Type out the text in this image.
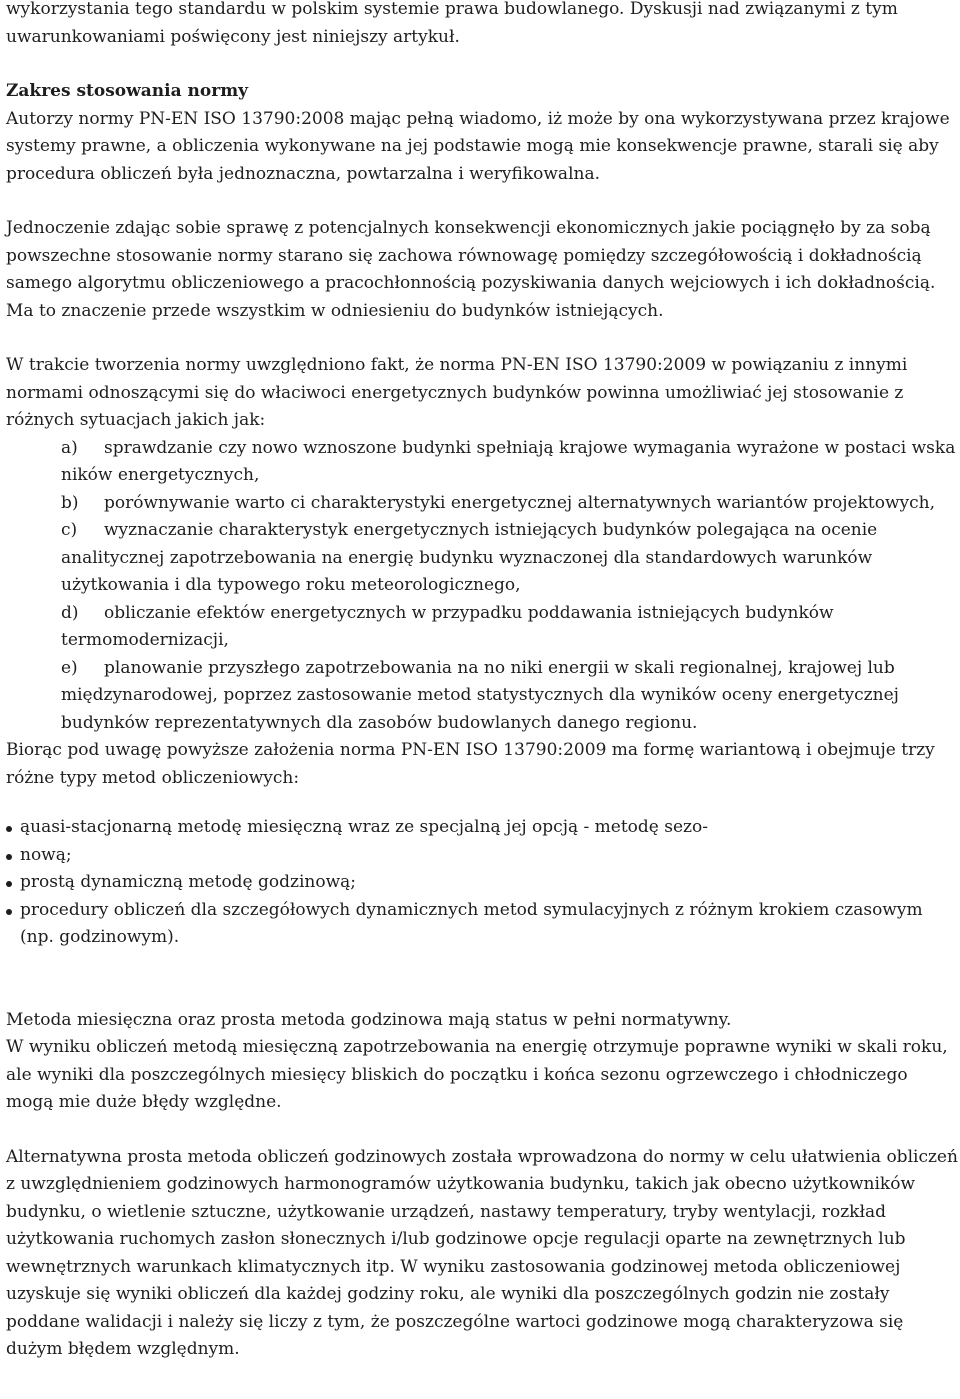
wykorzystania tego standardu w polskim systemie prawa budowlanego. Dyskusji nad związanymi z tym uwarunkowaniami poświęcony jest niniejszy artykuł.

Zakres stosowania normy

Autorzy normy PN-EN ISO 13790:2008 mając pełną wiadomo, iż może by ona wykorzystywana przez krajowe systemy prawne, a obliczenia wykonywane na jej podstawie mogą mie konsekwencje prawne, starali się aby procedura obliczeń była jednoznaczna, powtarzalna i weryfikowalna.

Jednoczenie zdając sobie sprawę z potencjalnych konsekwencji ekonomicznych jakie pociągnęło by za sobą powszechne stosowanie normy starano się zachowa równowagę pomiędzy szczegółowością i dokładnością samego algorytmu obliczeniowego a pracochłonnością pozyskiwania danych wejciowych i ich dokładnością. Ma to znaczenie przede wszystkim w odniesieniu do budynków istniejących.

W trakcie tworzenia normy uwzględniono fakt, że norma PN-EN ISO 13790:2009 w powiązaniu z innymi normami odnoszącymi się do właciwoci energetycznych budynków powinna umożliwiać jej stosowanie z różnych sytuacjach jakich jak:

a)	sprawdzanie czy nowo wznoszone budynki spełniają krajowe wymagania wyrażone w postaci wska ników energetycznych,
b)	porównywanie warto ci charakterystyki energetycznej alternatywnych wariantów projektowych,
c)	wyznaczanie charakterystyk energetycznych istniejących budynków polegająca na ocenie analitycznej zapotrzebowania na energię budynku wyznaczonej dla standardowych warunków użytkowania i dla typowego roku meteorologicznego,
d)	obliczanie efektów energetycznych w przypadku poddawania istniejących budynków termomodernizacji,
e)	planowanie przyszłego zapotrzebowania na no niki energii w skali regionalnej, krajowej lub międzynarodowej, poprzez zastosowanie metod statystycznych dla wyników oceny energetycznej budynków reprezentatywnych dla zasobów budowlanych danego regionu.

Biorąc pod uwagę powyższe założenia norma PN-EN ISO 13790:2009 ma formę wariantową i obejmuje trzy różne typy metod obliczeniowych:

ąuasi-stacjonarną metodę miesięczną wraz ze specjalną jej opcją - metodę sezo-
nową;
prostą dynamiczną metodę godzinową;
procedury obliczeń dla szczegółowych dynamicznych metod symulacyjnych z różnym krokiem czasowym (np. godzinowym).

Metoda miesięczna oraz prosta metoda godzinowa mają status w pełni normatywny.

W wyniku obliczeń metodą miesięczną zapotrzebowania na energię otrzymuje poprawne wyniki w skali roku, ale wyniki dla poszczególnych miesięcy bliskich do początku i końca sezonu ogrzewczego i chłodniczego mogą mie duże błędy względne.

Alternatywna prosta metoda obliczeń godzinowych została wprowadzona do normy w celu ułatwienia obliczeń z uwzględnieniem godzinowych harmonogramów użytkowania budynku, takich jak obecno użytkowników budynku, o wietlenie sztuczne, użytkowanie urządzeń, nastawy temperatury, tryby wentylacji, rozkład użytkowania ruchomych zasłon słonecznych i/lub godzinowe opcje regulacji oparte na zewnętrznych lub wewnętrznych warunkach klimatycznych itp. W wyniku zastosowania godzinowej metoda obliczeniowej uzyskuje się wyniki obliczeń dla każdej godziny roku, ale wyniki dla poszczególnych godzin nie zostały poddane walidacji i należy się liczy z tym, że poszczególne wartoci godzinowe mogą charakteryzowa się dużym błędem względnym.
